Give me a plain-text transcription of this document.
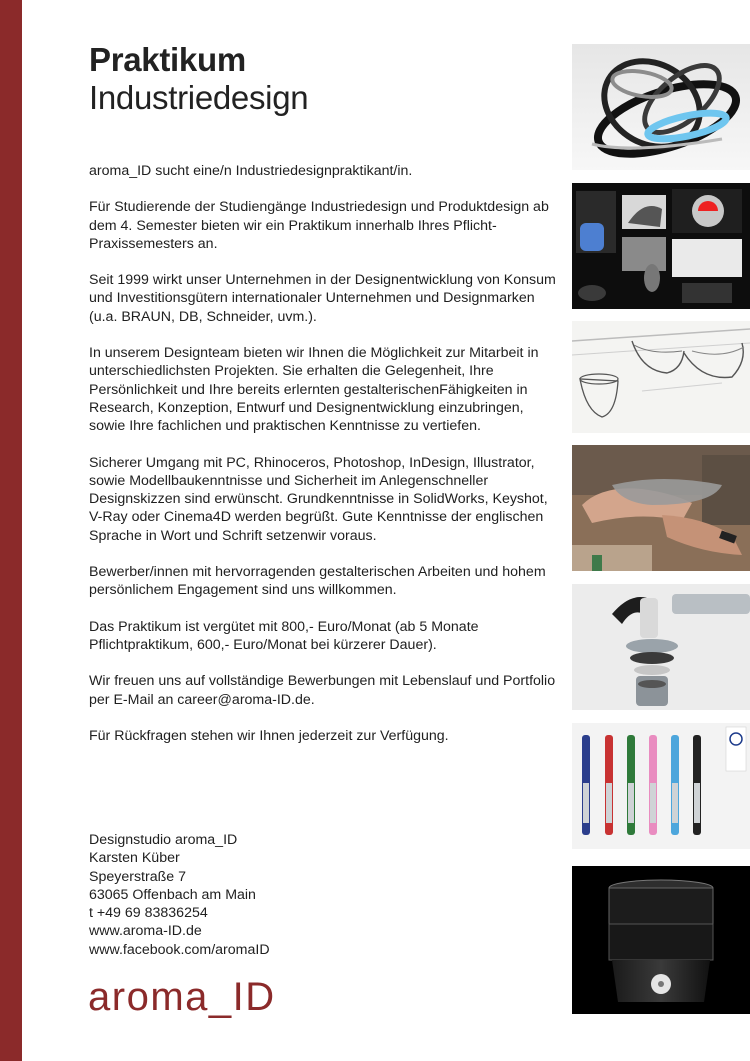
Praktikum
Industriedesign

aroma_ID sucht eine/n Industriedesignpraktikant/in.

Für Studierende der Studiengänge Industriedesign und Produktdesign ab dem 4. Semester bieten wir ein Praktikum innerhalb Ihres Pflicht-Praxissemesters an.

Seit 1999 wirkt unser Unternehmen in der Designentwicklung von Konsum und Investitionsgütern internationaler Unternehmen und Designmarken (u.a. BRAUN, DB, Schneider, uvm.).

In unserem Designteam bieten wir Ihnen die Möglichkeit zur Mitarbeit in unterschiedlichsten Projekten. Sie erhalten die Gelegenheit, Ihre Persönlichkeit und Ihre bereits erlernten gestalterischenFähigkeiten in Research, Konzeption, Entwurf und Designentwicklung einzubringen, sowie Ihre fachlichen und praktischen Kenntnisse zu vertiefen.

Sicherer Umgang mit PC, Rhinoceros, Photoshop, InDesign, Illustrator, sowie Modellbaukenntnisse und Sicherheit im Anlegenschneller Designskizzen sind erwünscht. Grundkenntnisse in SolidWorks, Keyshot, V-Ray oder Cinema4D werden begrüßt. Gute Kenntnisse der englischen Sprache in Wort und Schrift setzenwir voraus.

Bewerber/innen mit hervorragenden gestalterischen Arbeiten und hohem persönlichem Engagement sind uns willkommen.

Das Praktikum ist vergütet mit 800,- Euro/Monat (ab 5 Monate Pflichtpraktikum, 600,- Euro/Monat bei kürzerer Dauer).

Wir freuen uns auf vollständige Bewerbungen mit Lebenslauf und Portfolio per E-Mail an career@aroma-ID.de.

Für Rückfragen stehen wir Ihnen jederzeit zur Verfügung.

Designstudio aroma_ID
Karsten Küber
Speyerstraße 7
63065 Offenbach am Main
t +49 69 83836254
www.aroma-ID.de
www.facebook.com/aromaID
aroma_ID
